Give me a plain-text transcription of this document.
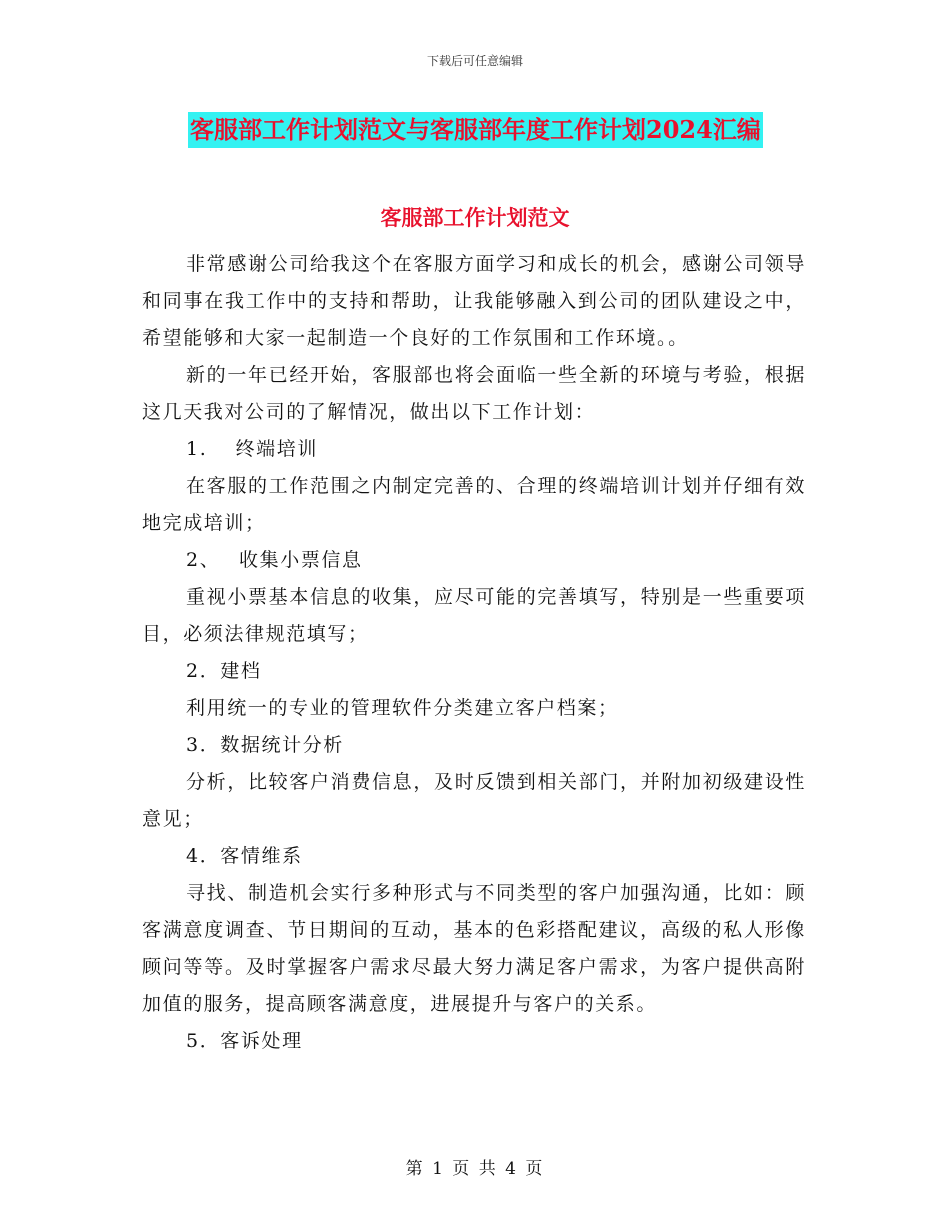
下载后可任意编辑
客服部工作计划范文与客服部年度工作计划2024汇编
客服部工作计划范文

非常感谢公司给我这个在客服方面学习和成长的机会，感谢公司领导和同事在我工作中的支持和帮助，让我能够融入到公司的团队建设之中，希望能够和大家一起制造一个良好的工作氛围和工作环境。。

新的一年已经开始，客服部也将会面临一些全新的环境与考验，根据这几天我对公司的了解情况，做出以下工作计划：

1.　 终端培训

在客服的工作范围之内制定完善的、合理的终端培训计划并仔细有效地完成培训；

2、　 收集小票信息

重视小票基本信息的收集，应尽可能的完善填写，特别是一些重要项目，必须法律规范填写；

2．建档

利用统一的专业的管理软件分类建立客户档案；

3．数据统计分析

分析，比较客户消费信息，及时反馈到相关部门，并附加初级建设性意见；

4．客情维系

寻找、制造机会实行多种形式与不同类型的客户加强沟通，比如：顾客满意度调查、节日期间的互动，基本的色彩搭配建议，高级的私人形像顾问等等。及时掌握客户需求尽最大努力满足客户需求，为客户提供高附加值的服务，提高顾客满意度，进展提升与客户的关系。

5．客诉处理

第 1 页 共 4 页
